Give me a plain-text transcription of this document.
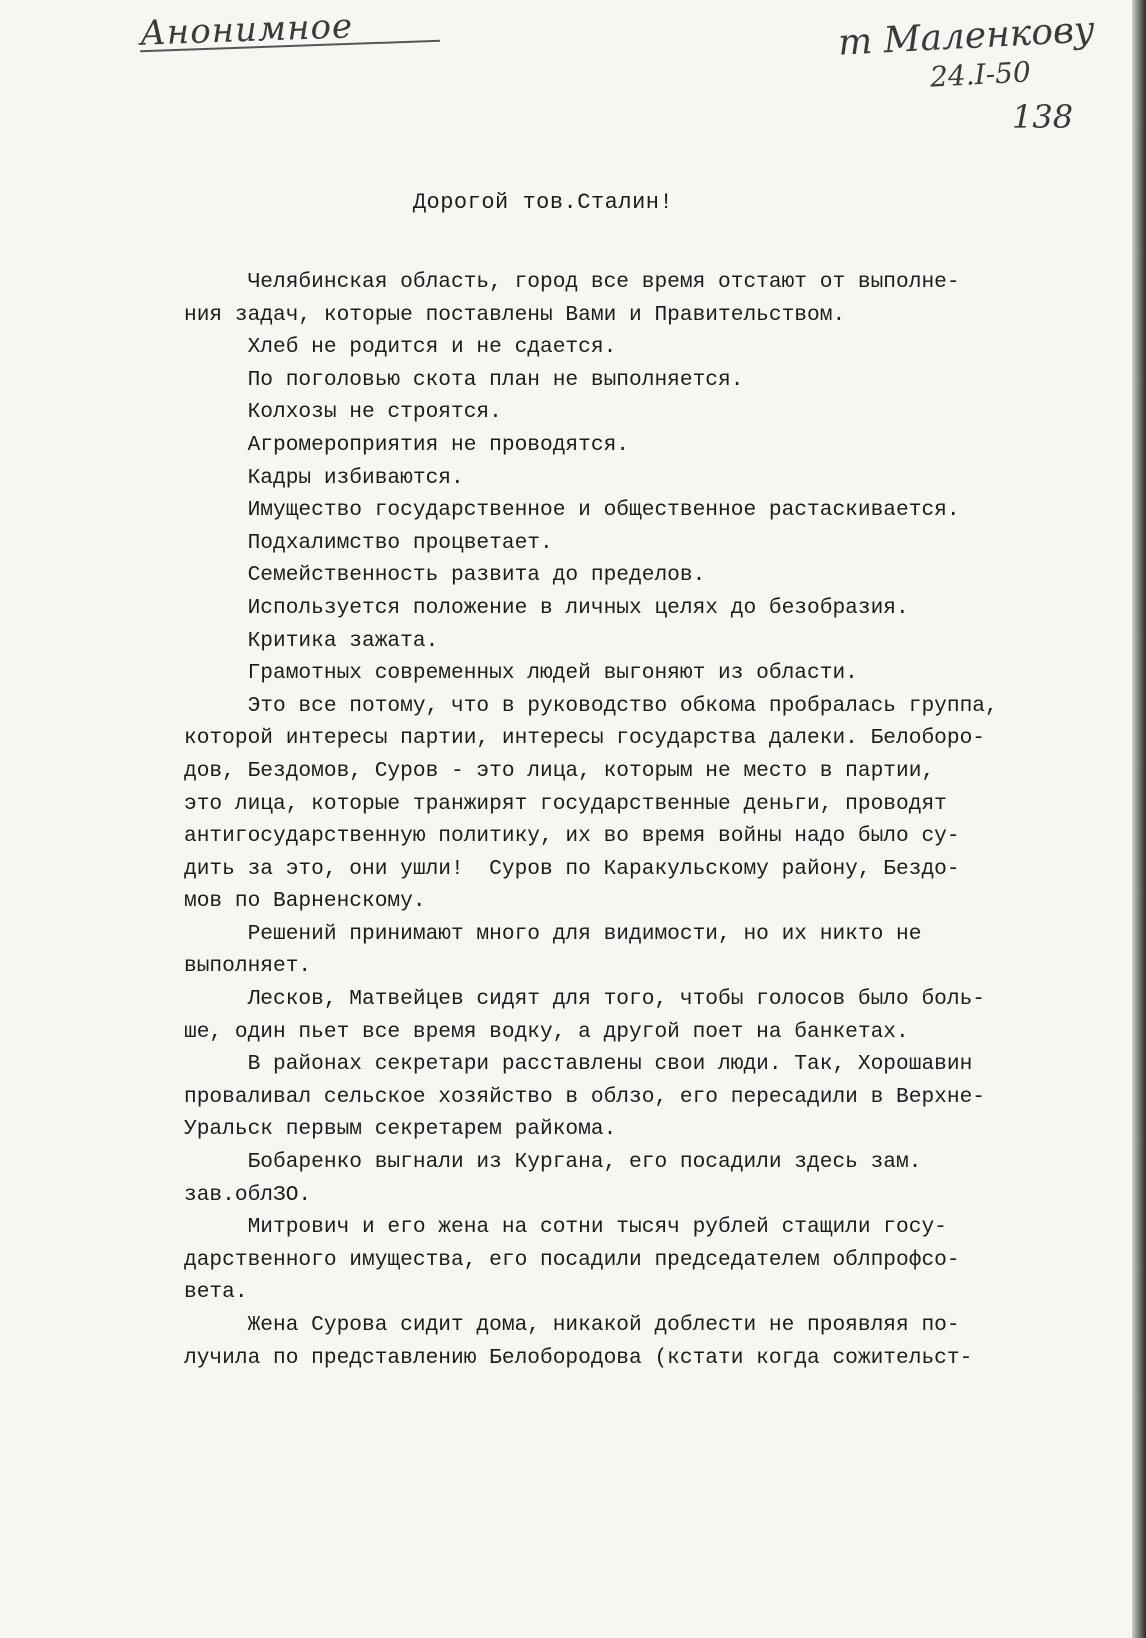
Анонимное	т Маленкову
24.I-50
138
Дорогой тов.Сталин!
Челябинская область, город все время отстают от выполне-
ния задач, которые поставлены Вами и Правительством.
Хлеб не родится и не сдается.
По поголовью скота план не выполняется.
Колхозы не строятся.
Агромероприятия не проводятся.
Кадры избиваются.
Имущество государственное и общественное растаскивается.
Подхалимство процветает.
Семейственность развита до пределов.
Используется положение в личных целях до безобразия.
Критика зажата.
Грамотных современных людей выгоняют из области.
Это все потому, что в руководство обкома пробралась группа,
которой интересы партии, интересы государства далеки. Белоборо-
дов, Бездомов, Суров - это лица, которым не место в партии,
это лица, которые транжирят государственные деньги, проводят
антигосударственную политику, их во время войны надо было су-
дить за это, они ушли!  Суров по Каракульскому району, Бездо-
мов по Варненскому.
Решений принимают много для видимости, но их никто не
выполняет.
Лесков, Матвейцев сидят для того, чтобы голосов было боль-
ше, один пьет все время водку, а другой поет на банкетах.
В районах секретари расставлены свои люди. Так, Хорошавин
проваливал сельское хозяйство в облзо, его пересадили в Верхне-
Уральск первым секретарем райкома.
Бобаренко выгнали из Кургана, его посадили здесь зам.
зав.облЗО.
Митрович и его жена на сотни тысяч рублей стащили госу-
дарственного имущества, его посадили председателем облпрофсо-
вета.
Жена Сурова сидит дома, никакой доблести не проявляя по-
лучила по представлению Белобородова (кстати когда сожительст-
